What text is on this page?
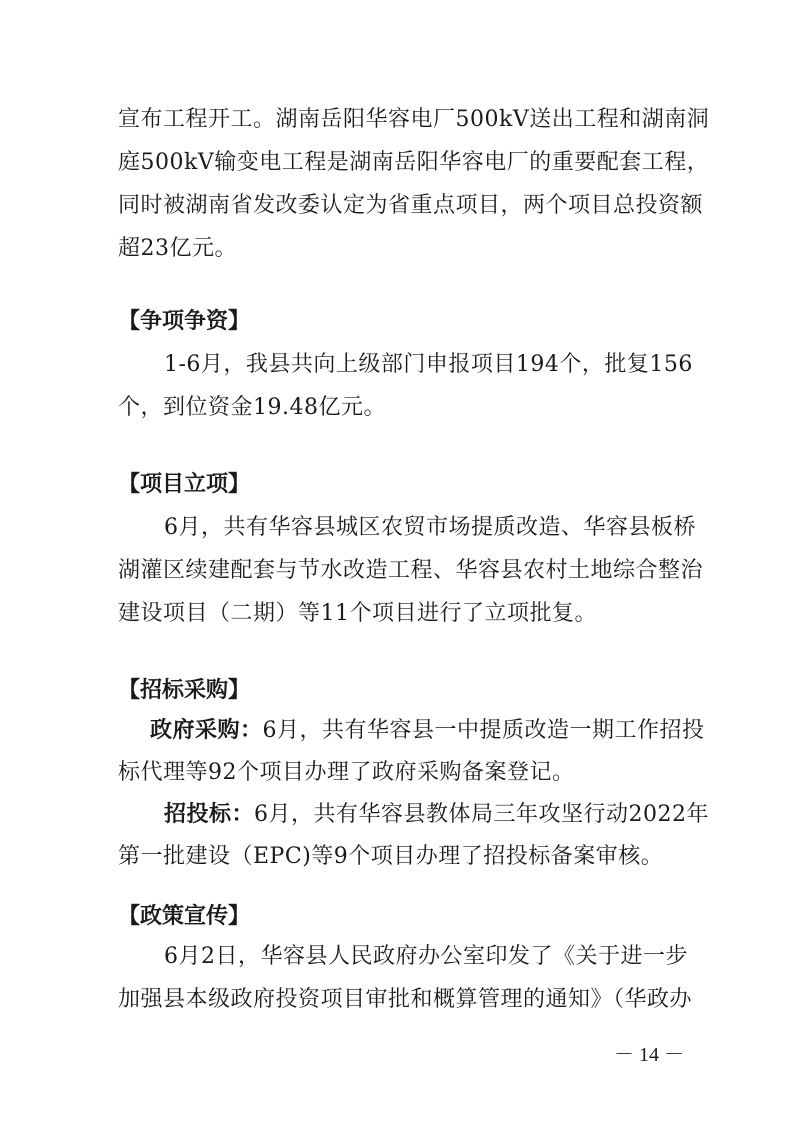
宣布工程开工。湖南岳阳华容电厂500kV送出工程和湖南洞
庭500kV输变电工程是湖南岳阳华容电厂的重要配套工程，
同时被湖南省发改委认定为省重点项目，两个项目总投资额
超23亿元。
【争项争资】
1-6月，我县共向上级部门申报项目194个，批复156
个，到位资金19.48亿元。
【项目立项】
6月，共有华容县城区农贸市场提质改造、华容县板桥
湖灌区续建配套与节水改造工程、华容县农村土地综合整治
建设项目（二期）等11个项目进行了立项批复。
【招标采购】
政府采购：6月，共有华容县一中提质改造一期工作招投
标代理等92个项目办理了政府采购备案登记。
招投标：6月，共有华容县教体局三年攻坚行动2022年
第一批建设（EPC)等9个项目办理了招投标备案审核。
【政策宣传】
6月2日，华容县人民政府办公室印发了《关于进一步
加强县本级政府投资项目审批和概算管理的通知》（华政办
－ 14 －
